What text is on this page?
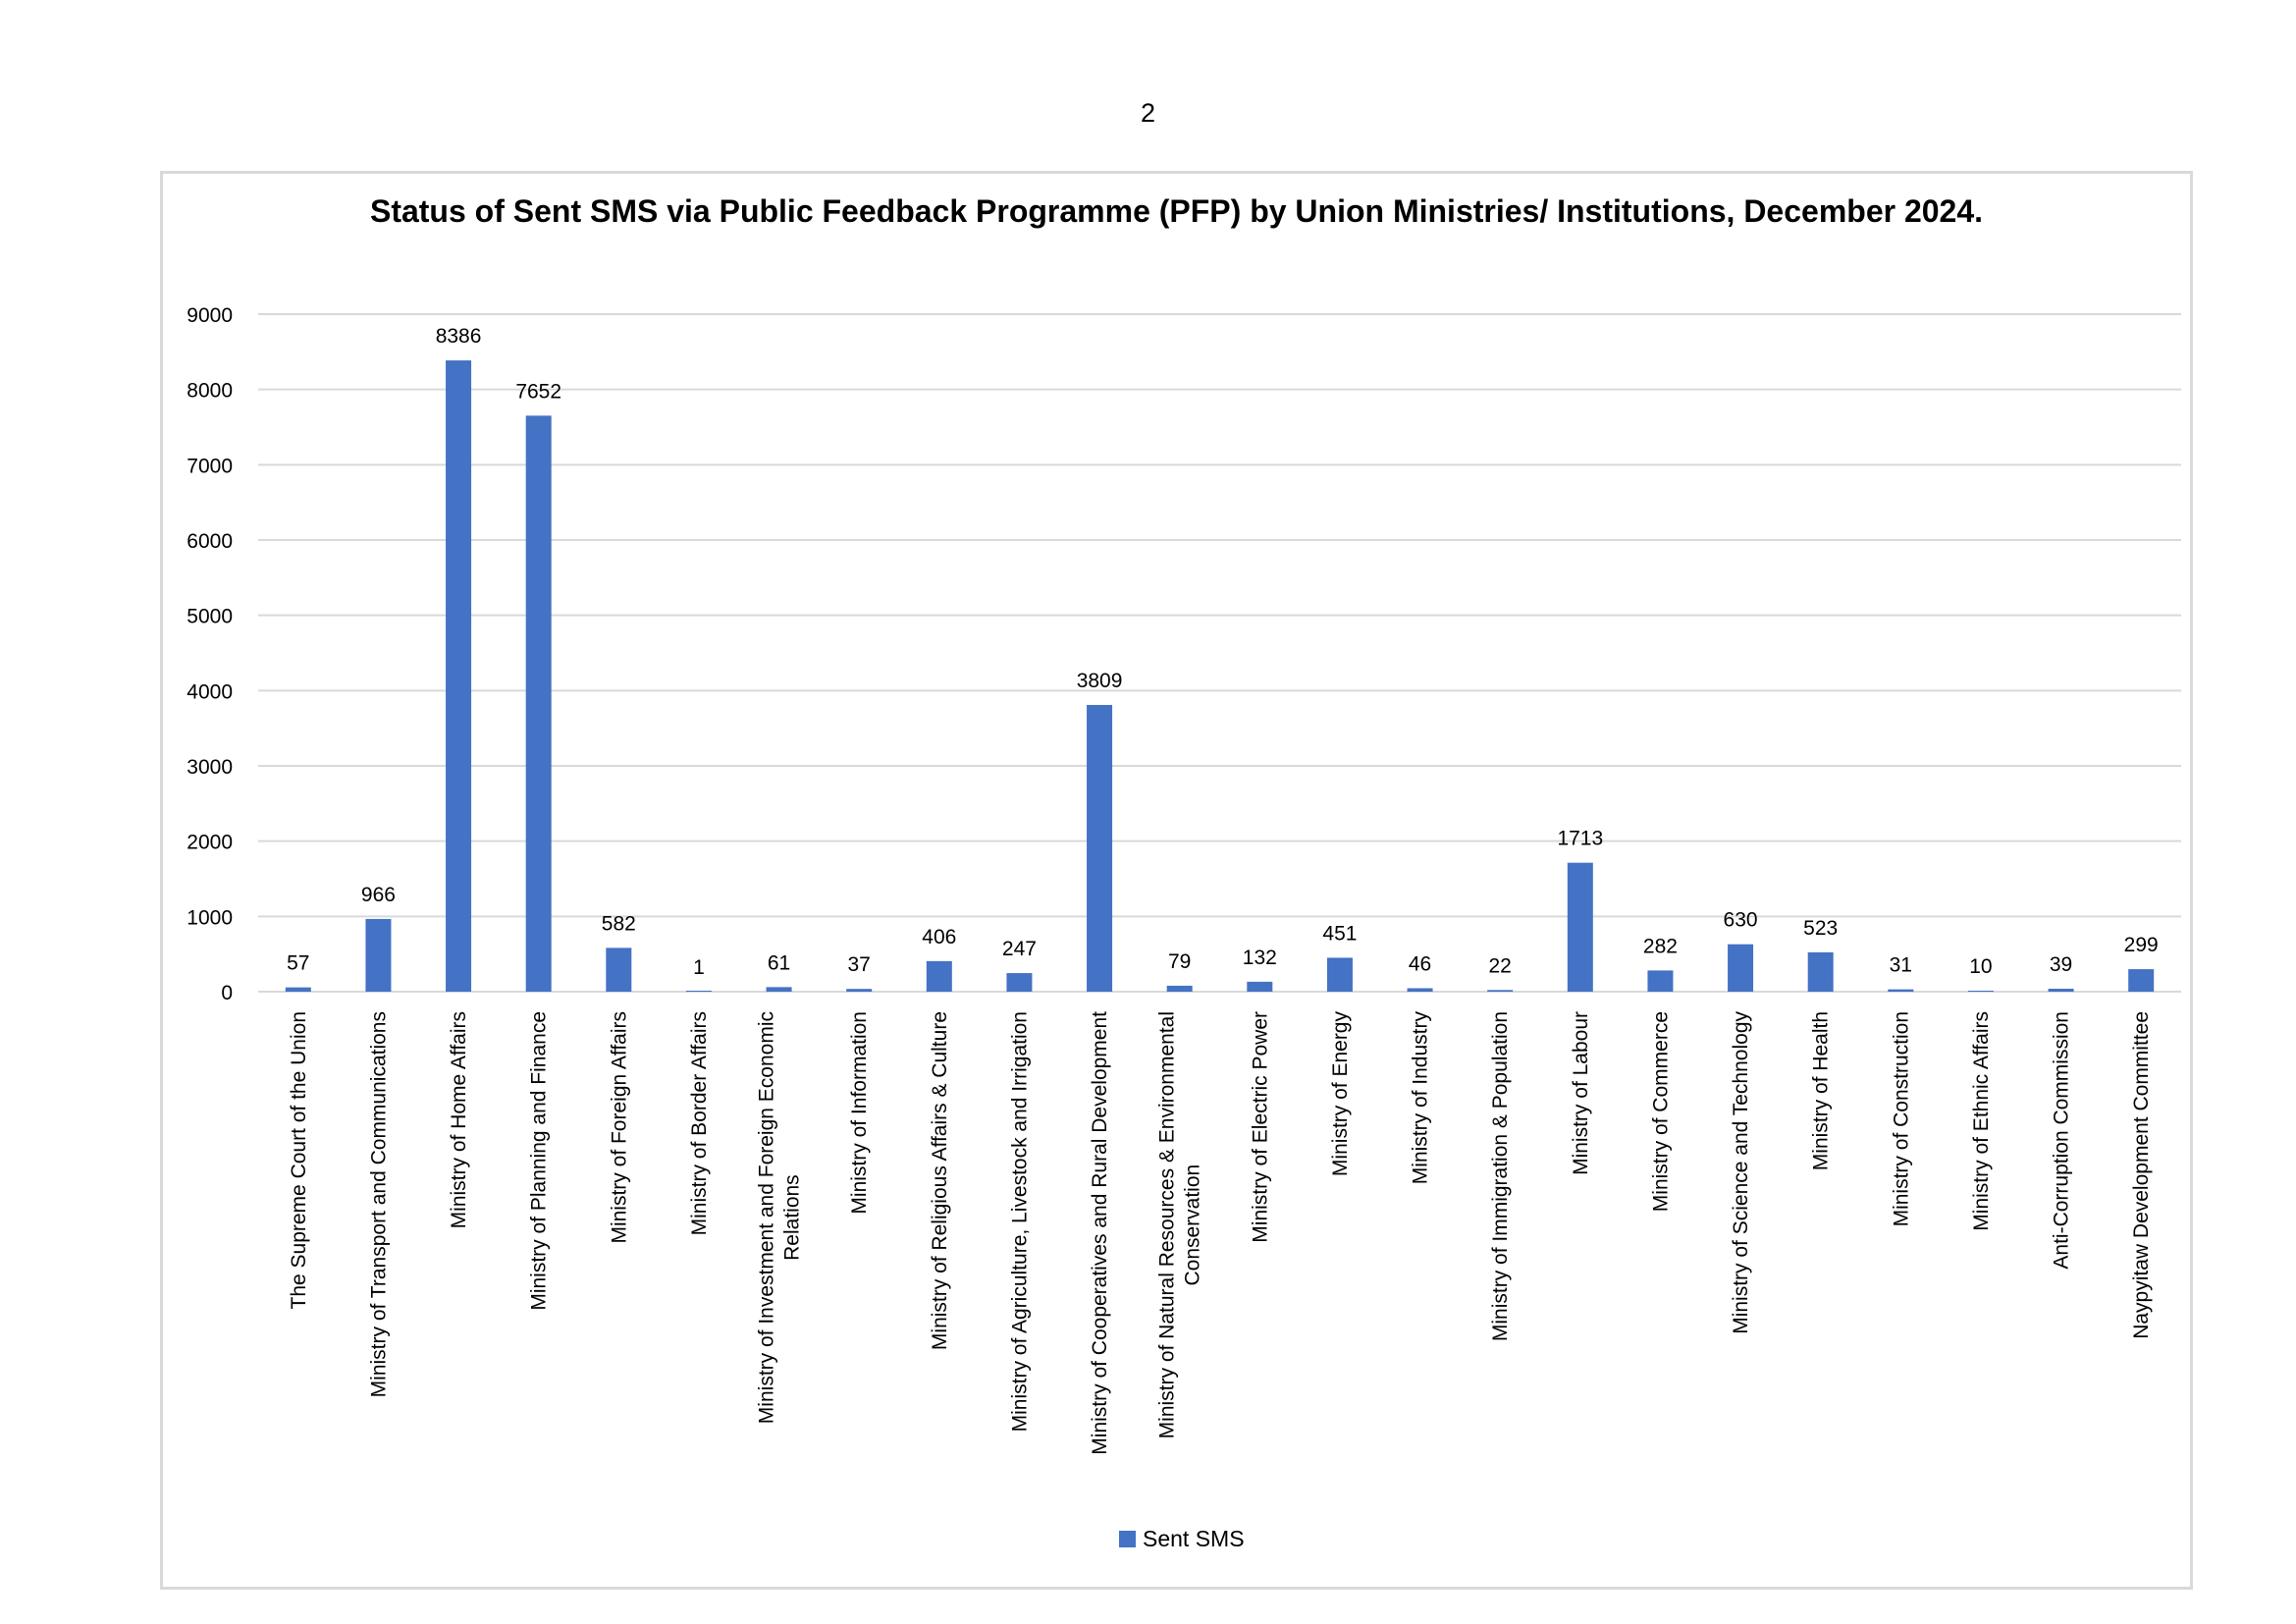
2
Status of Sent SMS via Public Feedback Programme (PFP) by Union Ministries/ Institutions, December 2024.
0
1000
2000
3000
4000
5000
6000
7000
8000
9000
57
The Supreme Court of the Union
966
Ministry of Transport and Communications
8386
Ministry of Home Affairs
7652
Ministry of Planning and Finance
582
Ministry of Foreign Affairs
1
Ministry of Border Affairs
61
Ministry of Investment and Foreign Economic Relations
37
Ministry of Information
406
Ministry of Religious Affairs & Culture
247
Ministry of Agriculture, Livestock and Irrigation
3809
Ministry of Cooperatives and Rural Development
79
Ministry of Natural Resources & Environmental Conservation
132
Ministry of Electric Power
451
Ministry of Energy
46
Ministry of Industry
22
Ministry of Immigration & Population
1713
Ministry of Labour
282
Ministry of Commerce
630
Ministry of Science and Technology
523
Ministry of Health
31
Ministry of Construction
10
Ministry of Ethnic Affairs
39
Anti-Corruption Commission
299
Naypyitaw Development Committee
Sent SMS
